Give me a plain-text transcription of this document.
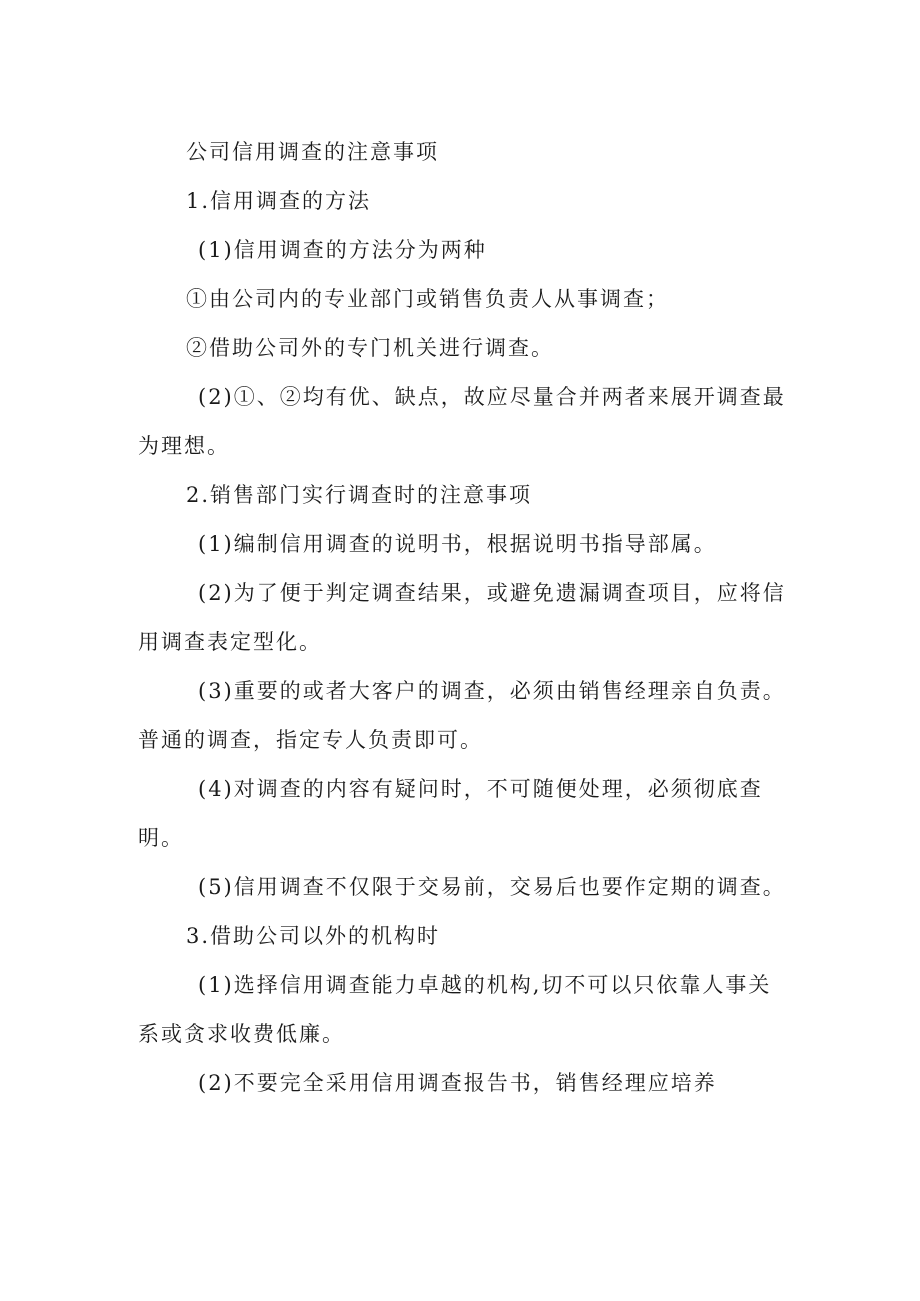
公司信用调查的注意事项

1.信用调查的方法

(1)信用调查的方法分为两种

①由公司内的专业部门或销售负责人从事调查；

②借助公司外的专门机关进行调查。

(2)①、②均有优、缺点，故应尽量合并两者来展开调查最为理想。

2.销售部门实行调查时的注意事项

(1)编制信用调查的说明书，根据说明书指导部属。

(2)为了便于判定调查结果，或避免遗漏调查项目，应将信用调查表定型化。

(3)重要的或者大客户的调查，必须由销售经理亲自负责。普通的调查，指定专人负责即可。

(4)对调查的内容有疑问时，不可随便处理，必须彻底查明。

(5)信用调查不仅限于交易前，交易后也要作定期的调查。

3.借助公司以外的机构时

(1)选择信用调查能力卓越的机构,切不可以只依靠人事关系或贪求收费低廉。

(2)不要完全采用信用调查报告书，销售经理应培养
